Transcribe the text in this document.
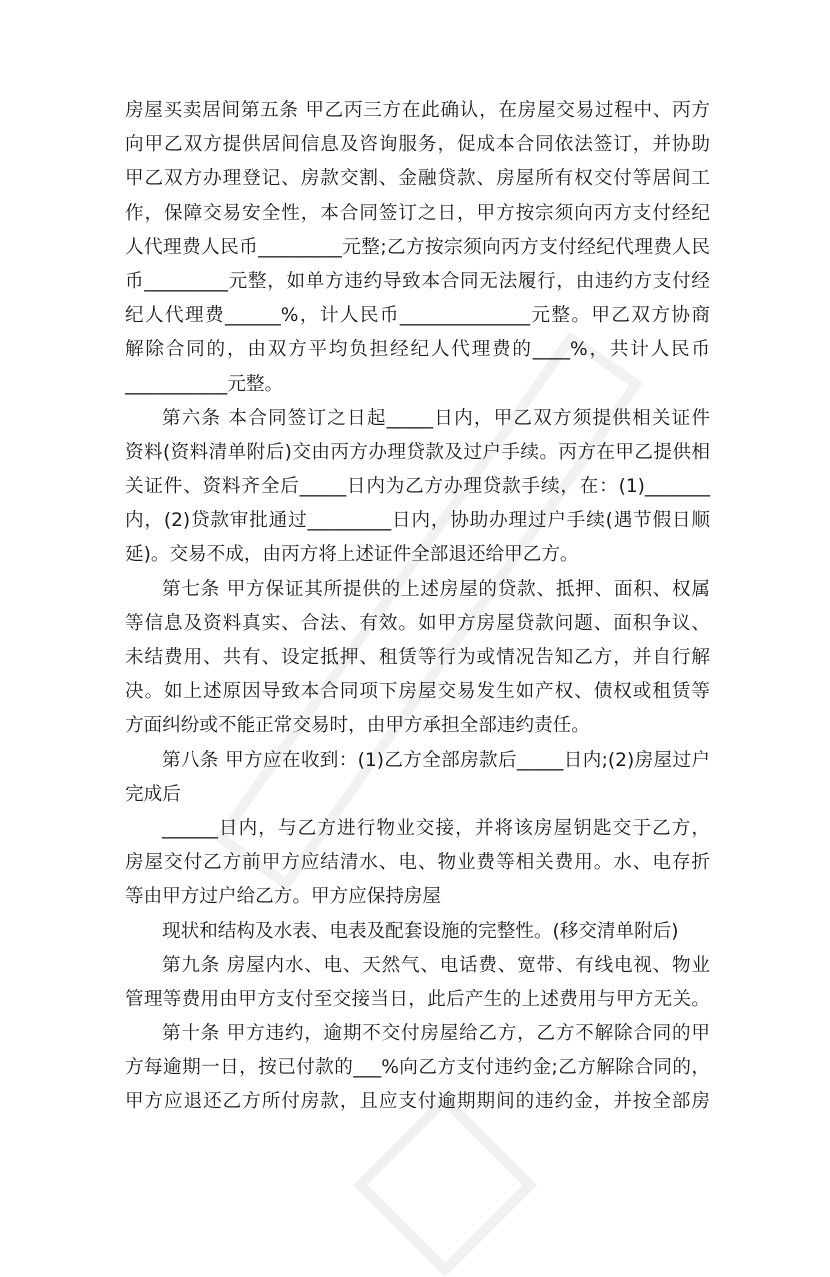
房屋买卖居间第五条 甲乙丙三方在此确认，在房屋交易过程中、丙方
向甲乙双方提供居间信息及咨询服务，促成本合同依法签订，并协助
甲乙双方办理登记、房款交割、金融贷款、房屋所有权交付等居间工
作，保障交易安全性，本合同签订之日，甲方按宗须向丙方支付经纪
人代理费人民币_________元整;乙方按宗须向丙方支付经纪代理费人民
币_________元整，如单方违约导致本合同无法履行，由违约方支付经
纪人代理费______%，计人民币______________元整。甲乙双方协商
解除合同的，由双方平均负担经纪人代理费的____%，共计人民币
___________元整。
第六条 本合同签订之日起_____日内，甲乙双方须提供相关证件
资料(资料清单附后)交由丙方办理贷款及过户手续。丙方在甲乙提供相
关证件、资料齐全后_____日内为乙方办理贷款手续，在：(1)_______
内，(2)贷款审批通过_________日内，协助办理过户手续(遇节假日顺
延)。交易不成，由丙方将上述证件全部退还给甲乙方。
第七条 甲方保证其所提供的上述房屋的贷款、抵押、面积、权属
等信息及资料真实、合法、有效。如甲方房屋贷款问题、面积争议、
未结费用、共有、设定抵押、租赁等行为或情况告知乙方，并自行解
决。如上述原因导致本合同项下房屋交易发生如产权、债权或租赁等
方面纠纷或不能正常交易时，由甲方承担全部违约责任。
第八条 甲方应在收到：(1)乙方全部房款后_____日内;(2)房屋过户
完成后
______日内，与乙方进行物业交接，并将该房屋钥匙交于乙方，
房屋交付乙方前甲方应结清水、电、物业费等相关费用。水、电存折
等由甲方过户给乙方。甲方应保持房屋
现状和结构及水表、电表及配套设施的完整性。(移交清单附后)
第九条 房屋内水、电、天然气、电话费、宽带、有线电视、物业
管理等费用由甲方支付至交接当日，此后产生的上述费用与甲方无关。
第十条 甲方违约，逾期不交付房屋给乙方，乙方不解除合同的甲
方每逾期一日，按已付款的___%向乙方支付违约金;乙方解除合同的，
甲方应退还乙方所付房款，且应支付逾期期间的违约金，并按全部房
